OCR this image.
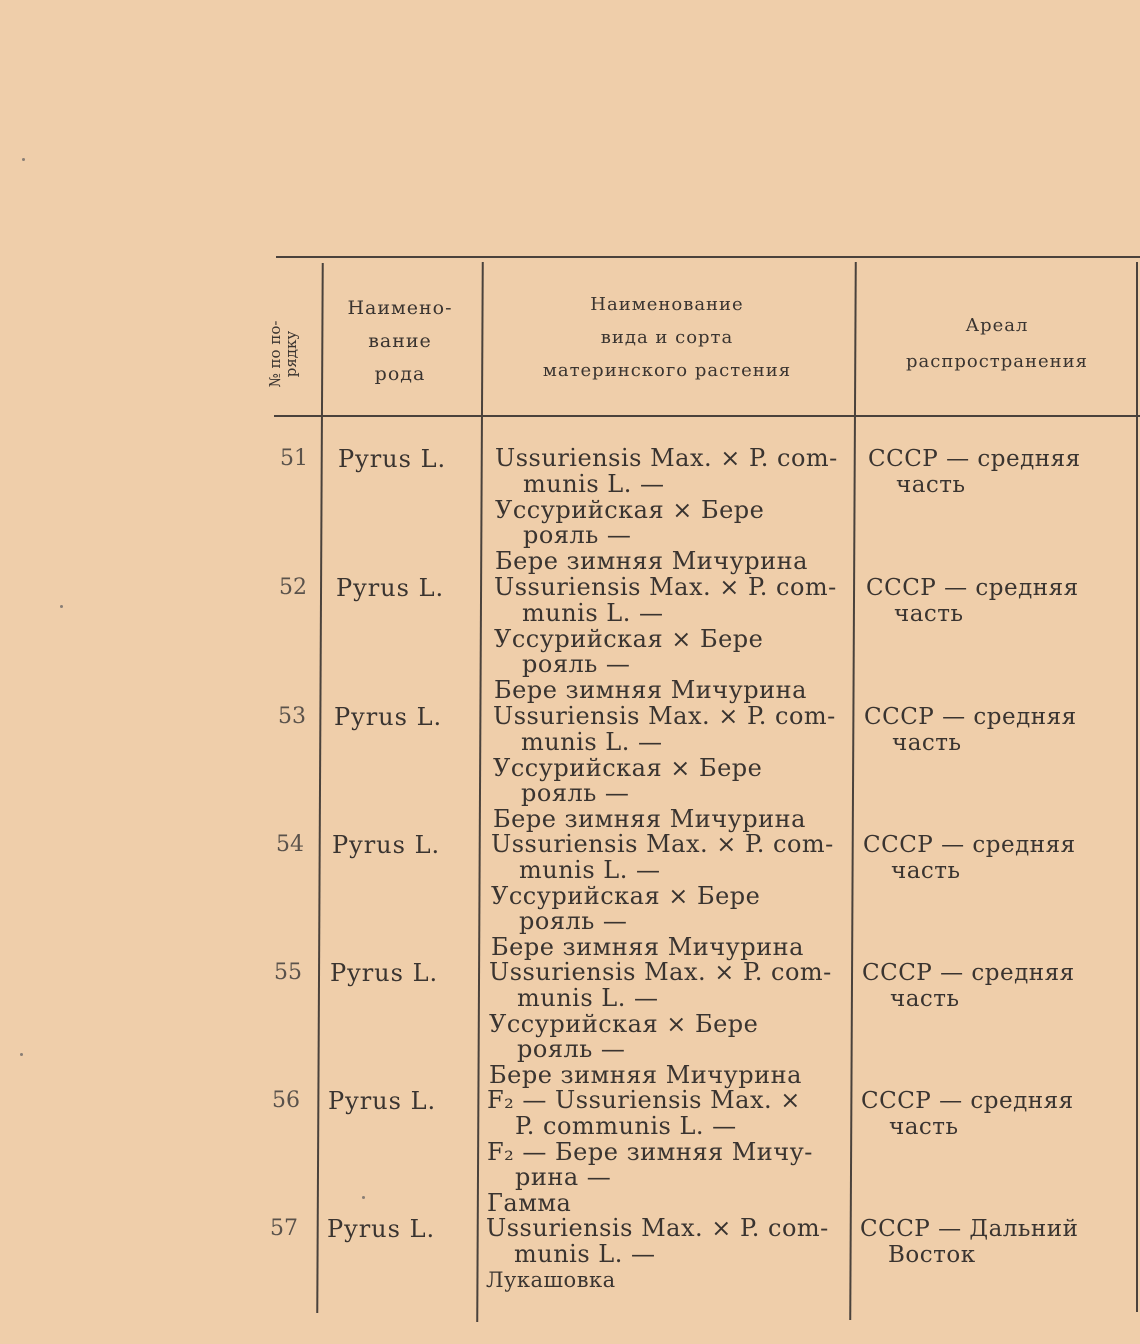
№ по по-
рядку
Наимено-
вание
рода
Наименование
вида и сорта
материнского растения
Ареал
распространения
51 Pyrus L. Ussuriensis Max. ⨯ P. com-
munis L. —
Уссурийская ⨯ Бере
рояль —
Бере зимняя Мичурина
СССР — средняя
часть
52 Pyrus L. Ussuriensis Max. ⨯ P. com-
munis L. —
Уссурийская ⨯ Бере
рояль —
Бере зимняя Мичурина
СССР — средняя
часть
53 Pyrus L. Ussuriensis Max. ⨯ P. com-
munis L. —
Уссурийская ⨯ Бере
рояль —
Бере зимняя Мичурина
СССР — средняя
часть
54 Pyrus L. Ussuriensis Max. ⨯ P. com-
munis L. —
Уссурийская ⨯ Бере
рояль —
Бере зимняя Мичурина
СССР — средняя
часть
55 Pyrus L. Ussuriensis Max. ⨯ P. com-
munis L. —
Уссурийская ⨯ Бере
рояль —
Бере зимняя Мичурина
СССР — средняя
часть
56 Pyrus L. F₂ — Ussuriensis Max. ⨯
P. communis L. —
F₂ — Бере зимняя Мичу-
рина —
Гамма
СССР — средняя
часть
57 Pyrus L. Ussuriensis Max. ⨯ P. com-
munis L. —
Лукашовка
СССР — Дальний
Восток
